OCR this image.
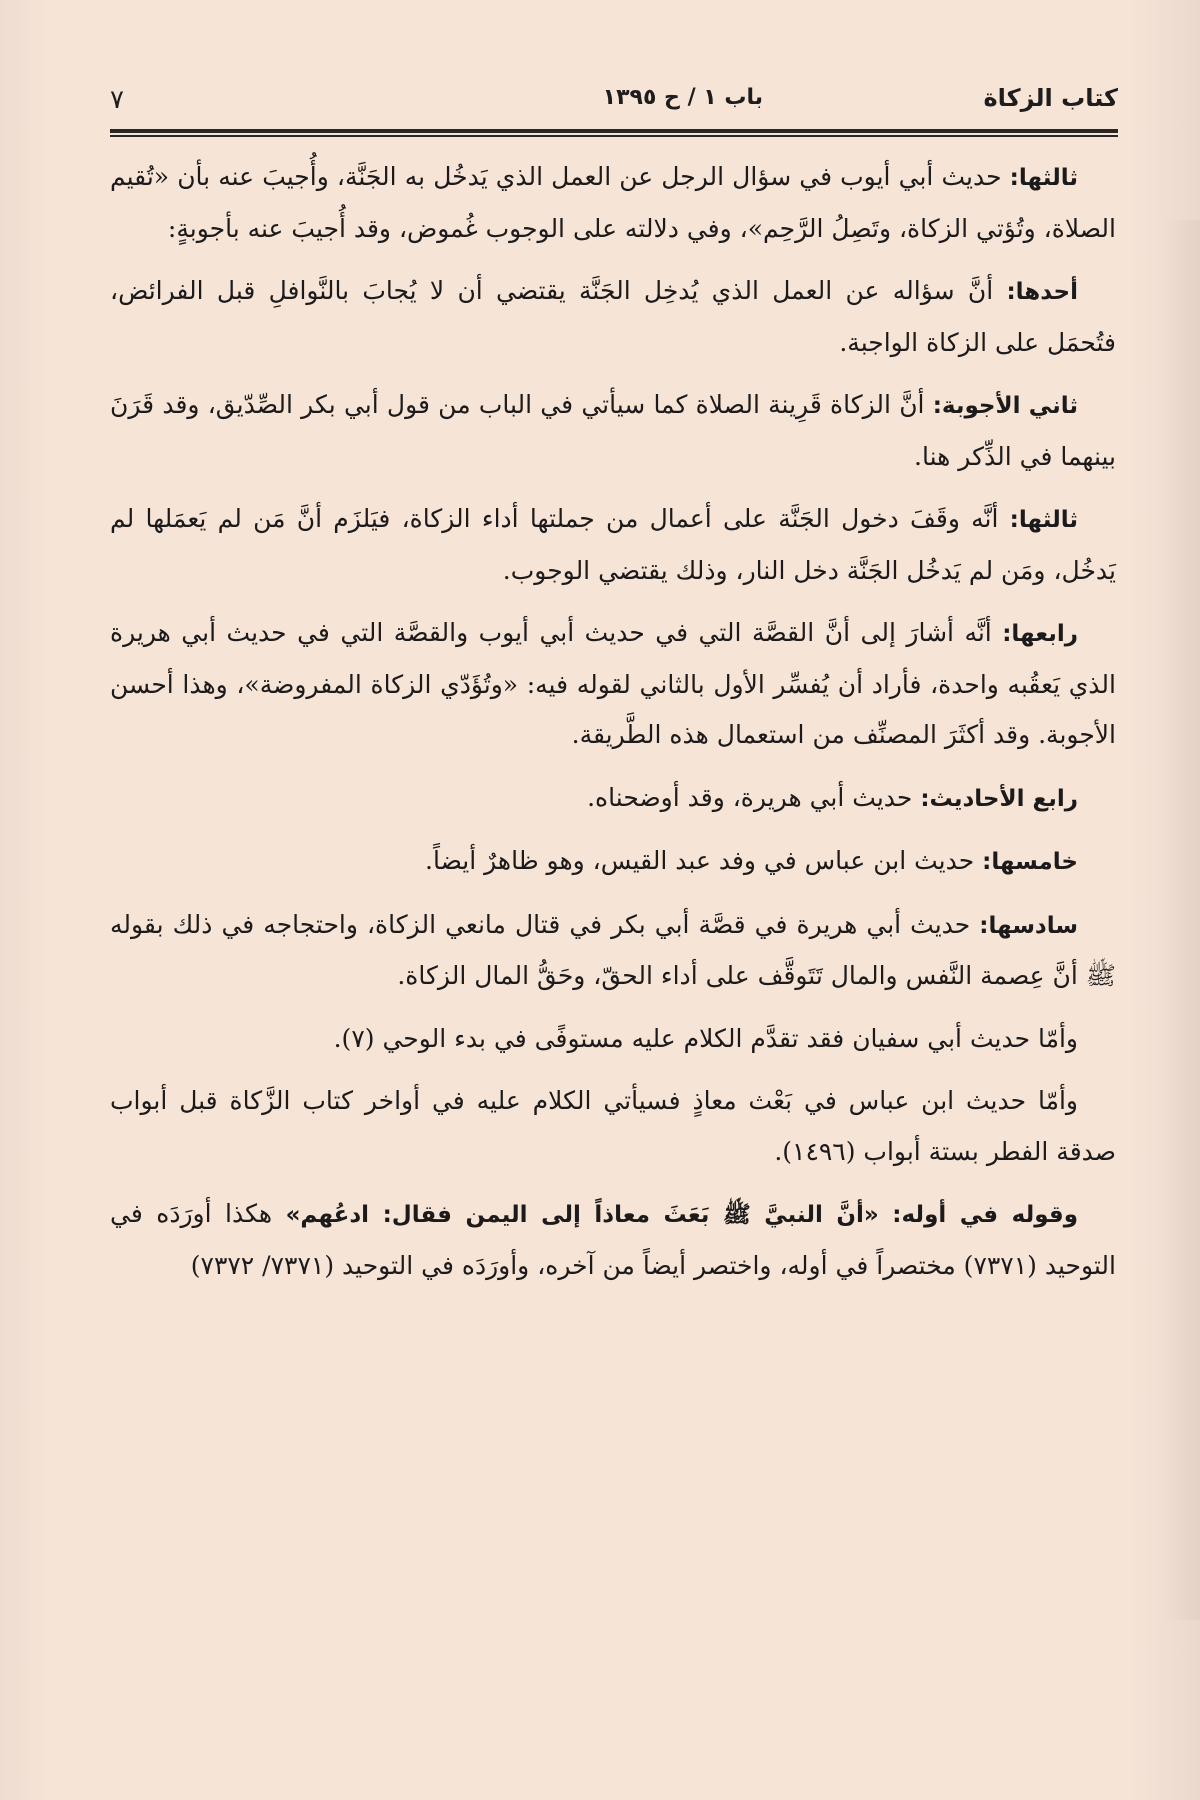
كتاب الزكاة
باب ١ / ح ١٣٩٥
٧

ثالثها: حديث أبي أيوب في سؤال الرجل عن العمل الذي يَدخُل به الجَنَّة، وأُجيبَ عنه بأن «تُقيم الصلاة، وتُؤتي الزكاة، وتَصِلُ الرَّحِم»، وفي دلالته على الوجوب غُموض، وقد أُجيبَ عنه بأجوبةٍ:

أحدها: أنَّ سؤاله عن العمل الذي يُدخِل الجَنَّة يقتضي أن لا يُجابَ بالنَّوافلِ قبل الفرائض، فتُحمَل على الزكاة الواجبة.

ثاني الأجوبة: أنَّ الزكاة قَرِينة الصلاة كما سيأتي في الباب من قول أبي بكر الصِّدّيق، وقد قَرَنَ بينهما في الذِّكر هنا.

ثالثها: أنَّه وقَفَ دخول الجَنَّة على أعمال من جملتها أداء الزكاة، فيَلزَم أنَّ مَن لم يَعمَلها لم يَدخُل، ومَن لم يَدخُل الجَنَّة دخل النار، وذلك يقتضي الوجوب.

رابعها: أنَّه أشارَ إلى أنَّ القصَّة التي في حديث أبي أيوب والقصَّة التي في حديث أبي هريرة الذي يَعقُبه واحدة، فأراد أن يُفسِّر الأول بالثاني لقوله فيه: «وتُؤَدّي الزكاة المفروضة»، وهذا أحسن الأجوبة. وقد أكثَرَ المصنِّف من استعمال هذه الطَّريقة.

رابع الأحاديث: حديث أبي هريرة، وقد أوضحناه.

خامسها: حديث ابن عباس في وفد عبد القيس، وهو ظاهرٌ أيضاً.

سادسها: حديث أبي هريرة في قصَّة أبي بكر في قتال مانعي الزكاة، واحتجاجه في ذلك بقوله ﷺ أنَّ عِصمة النَّفس والمال تَتَوقَّف على أداء الحقّ، وحَقُّ المال الزكاة.

وأمّا حديث أبي سفيان فقد تقدَّم الكلام عليه مستوفًى في بدء الوحي (٧).

وأمّا حديث ابن عباس في بَعْث معاذٍ فسيأتي الكلام عليه في أواخر كتاب الزَّكاة قبل أبواب صدقة الفطر بستة أبواب (١٤٩٦).

وقوله في أوله: «أنَّ النبيَّ ﷺ بَعَثَ معاذاً إلى اليمن فقال: ادعُهم» هكذا أورَدَه في التوحيد (٧٣٧١) مختصراً في أوله، واختصر أيضاً من آخره، وأورَدَه في التوحيد (٧٣٧١/ ٧٣٧٢)
